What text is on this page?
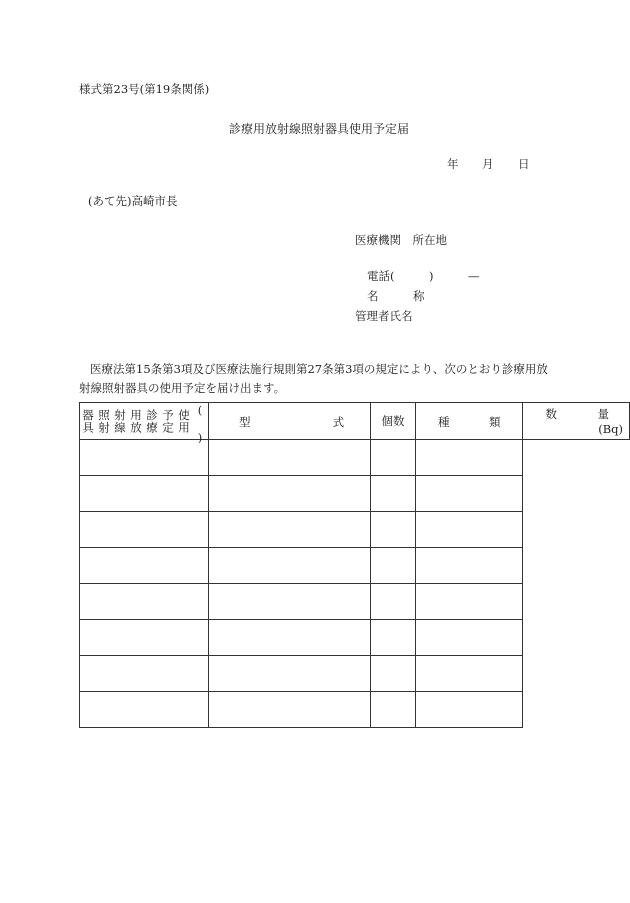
様式第23号(第19条関係)
診療用放射線照射器具使用予定届
年 月 日
(あて先)高崎市長
医療機関　所在地
電話(　　　)　　　—
名　　　称
管理者氏名
医療法第15条第3項及び医療法施行規則第27条第3項の規定により、次のとおり診療用放射線照射器具の使用予定を届け出ます。
(　)使用予定診療用放射線照射器具	型 式	個数	種 類	数 量
(Bq)
